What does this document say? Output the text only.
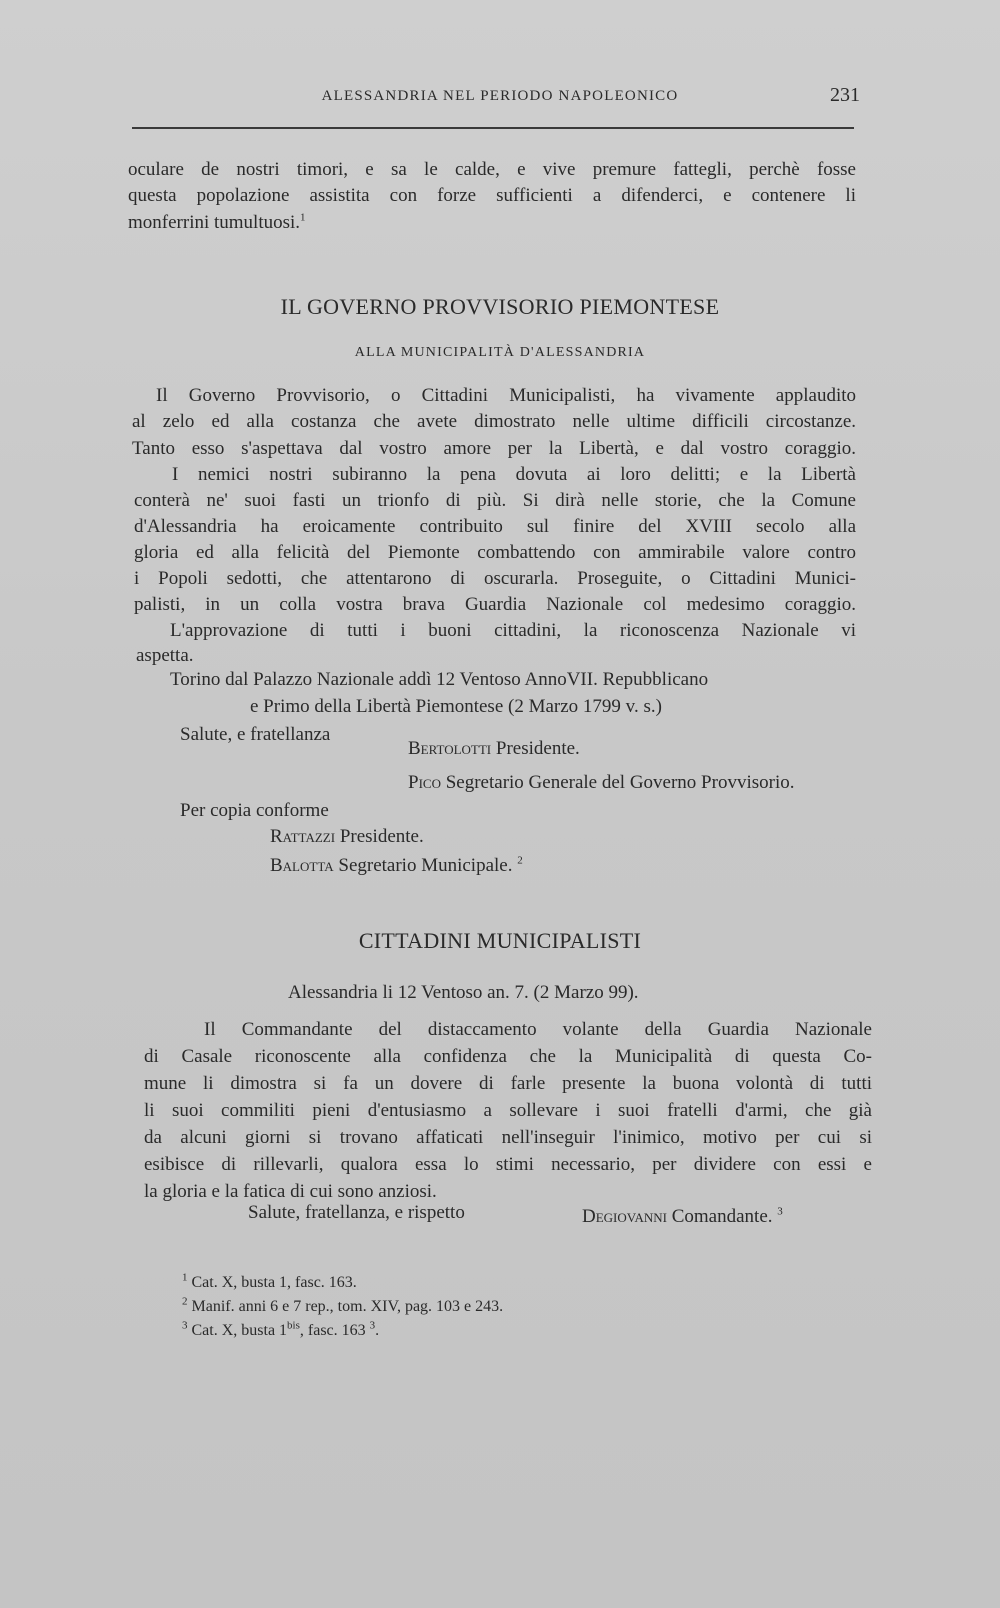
ALESSANDRIA NEL PERIODO NAPOLEONICO	231
oculare de nostri timori, e sa le calde, e vive premure fattegli, perchè fosse
questa popolazione assistita con forze sufficienti a difenderci, e contenere li
monferrini tumultuosi.$^1$
IL GOVERNO PROVVISORIO PIEMONTESE
ALLA MUNICIPALITÀ D'ALESSANDRIA
Il Governo Provvisorio, o Cittadini Municipalisti, ha vivamente applaudito
al zelo ed alla costanza che avete dimostrato nelle ultime difficili circostanze.
Tanto esso s'aspettava dal vostro amore per la Libertà, e dal vostro coraggio.
I nemici nostri subiranno la pena dovuta ai loro delitti; e la Libertà
conterà ne' suoi fasti un trionfo di più. Si dirà nelle storie, che la Comune
d'Alessandria ha eroicamente contribuito sul finire del XVIII secolo alla
gloria ed alla felicità del Piemonte combattendo con ammirabile valore contro
i Popoli sedotti, che attentarono di oscurarla. Proseguite, o Cittadini Munici-
palisti, in un colla vostra brava Guardia Nazionale col medesimo coraggio.
L'approvazione di tutti i buoni cittadini, la riconoscenza Nazionale vi
aspetta.
Torino dal Palazzo Nazionale addì 12 Ventoso AnnoVII. Repubblicano
e Primo della Libertà Piemontese (2 Marzo 1799 v. s.)
Salute, e fratellanza
Bertolotti Presidente.
Pico Segretario Generale del Governo Provvisorio.
Per copia conforme
Rattazzi Presidente.
Balotta Segretario Municipale. $^2$
CITTADINI MUNICIPALISTI
Alessandria li 12 Ventoso an. 7. (2 Marzo 99).
Il Commandante del distaccamento volante della Guardia Nazionale
di Casale riconoscente alla confidenza che la Municipalità di questa Co-
mune li dimostra si fa un dovere di farle presente la buona volontà di tutti
li suoi commiliti pieni d'entusiasmo a sollevare i suoi fratelli d'armi, che già
da alcuni giorni si trovano affaticati nell'inseguir l'inimico, motivo per cui si
esibisce di rillevarli, qualora essa lo stimi necessario, per dividere con essi e
la gloria e la fatica di cui sono anziosi.
Salute, fratellanza, e rispetto	Degiovanni Comandante. $^3$
$^1$ Cat. X, busta 1, fasc. 163.
$^2$ Manif. anni 6 e 7 rep., tom. XIV, pag. 103 e 243.
$^3$ Cat. X, busta $1^{bis}$, fasc. 163 $^3$.
